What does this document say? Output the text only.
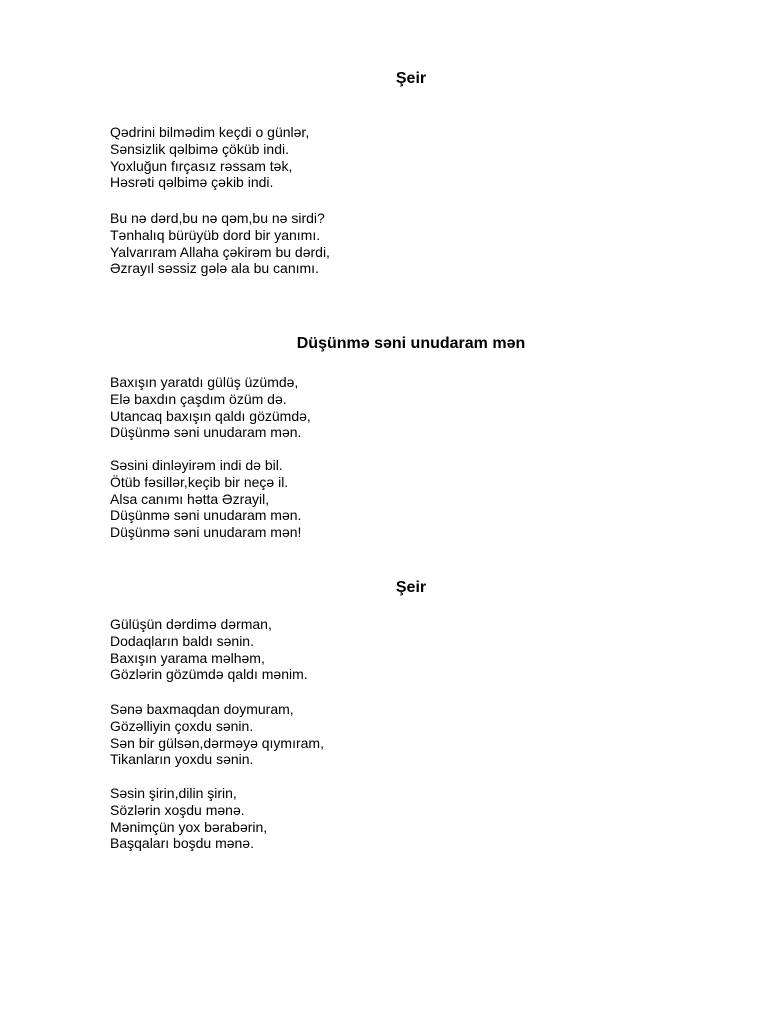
Şeir
Qədrini bilmədim keçdi o günlər,
Sənsizlik qəlbimə çöküb indi.
Yoxluğun fırçasız rəssam tək,
Həsrəti qəlbimə çəkib indi.
Bu nə dərd,bu nə qəm,bu nə sirdi?
Tənhalıq bürüyüb dord bir yanımı.
Yalvarıram Allaha çəkirəm bu dərdi,
Əzrayıl səssiz gələ ala bu canımı.
Düşünmə səni unudaram mən
Baxışın yaratdı gülüş üzümdə,
Elə baxdın çaşdım özüm də.
Utancaq baxışın qaldı gözümdə,
Düşünmə səni unudaram mən.
Səsini dinləyirəm indi də bil.
Ötüb fəsillər,keçib bir neçə il.
Alsa canımı hətta Əzrayil,
Düşünmə səni unudaram mən.
Düşünmə səni unudaram mən!
Şeir
Gülüşün dərdimə dərman,
Dodaqların baldı sənin.
Baxışın yarama məlhəm,
Gözlərin gözümdə qaldı mənim.
Sənə baxmaqdan doymuram,
Gözəlliyin çoxdu sənin.
Sən bir gülsən,dərməyə qıymıram,
Tikanların yoxdu sənin.
Səsin şirin,dilin şirin,
Sözlərin xoşdu mənə.
Mənimçün yox bərabərin,
Başqaları boşdu mənə.
